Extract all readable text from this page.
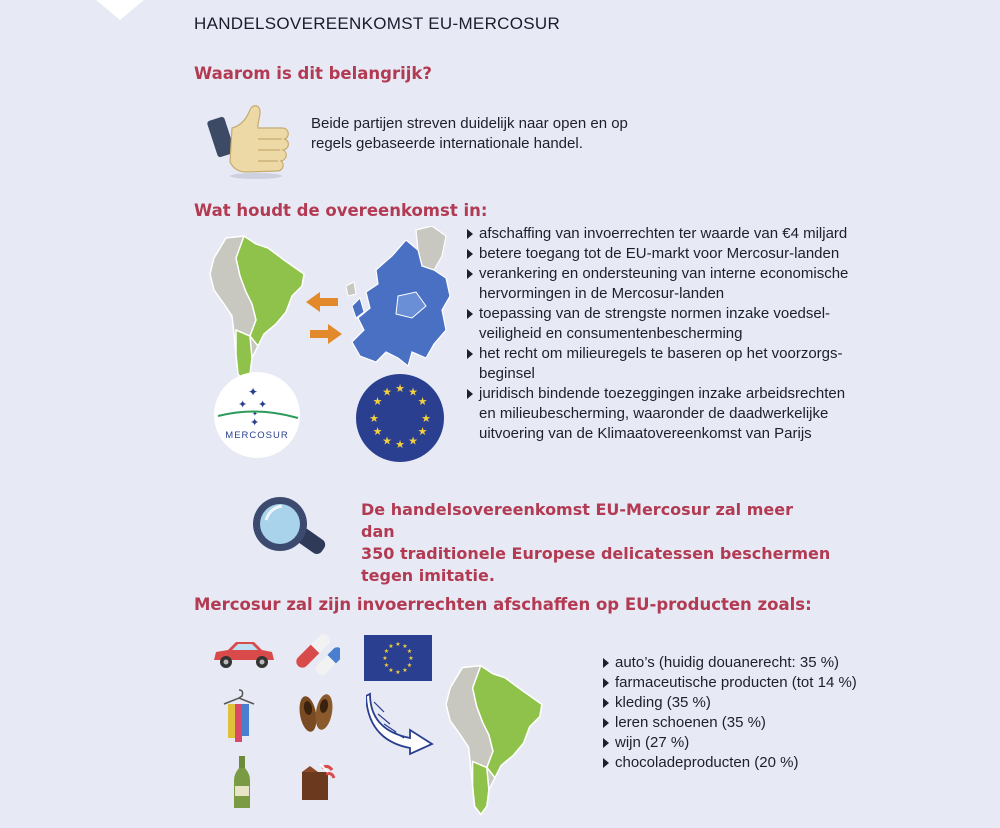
HANDELSOVEREENKOMST EU-MERCOSUR
Waarom is dit belangrijk?
Beide partijen streven duidelijk naar open en op
regels gebaseerde internationale handel.
Wat houdt de overeenkomst in:
✦
✦ ✦
✦
✦
MERCOSUR
★ ★
★
★
★
★
★
★
★
★
★
★
afschaffing van invoerrechten ter waarde van €4 miljard
betere toegang tot de EU-markt voor Mercosur-landen
verankering en ondersteuning van interne economische
hervormingen in de Mercosur-landen
toepassing van de strengste normen inzake voedsel-
veiligheid en consumentenbescherming
het recht om milieuregels te baseren op het voorzorgs-
beginsel
juridisch bindende toezeggingen inzake arbeidsrechten
en milieubescherming, waaronder de daadwerkelijke
uitvoering van de Klimaatovereenkomst van Parijs
De handelsovereenkomst EU-Mercosur zal meer dan
350 traditionele Europese delicatessen beschermen
tegen imitatie.
Mercosur zal zijn invoerrechten afschaffen op EU-producten zoals:
★ ★
★
★
★
★
★
★
★
★
★
★
auto’s (huidig douanerecht: 35 %)
farmaceutische producten (tot 14 %)
kleding (35 %)
leren schoenen (35 %)
wijn (27 %)
chocoladeproducten (20 %)
